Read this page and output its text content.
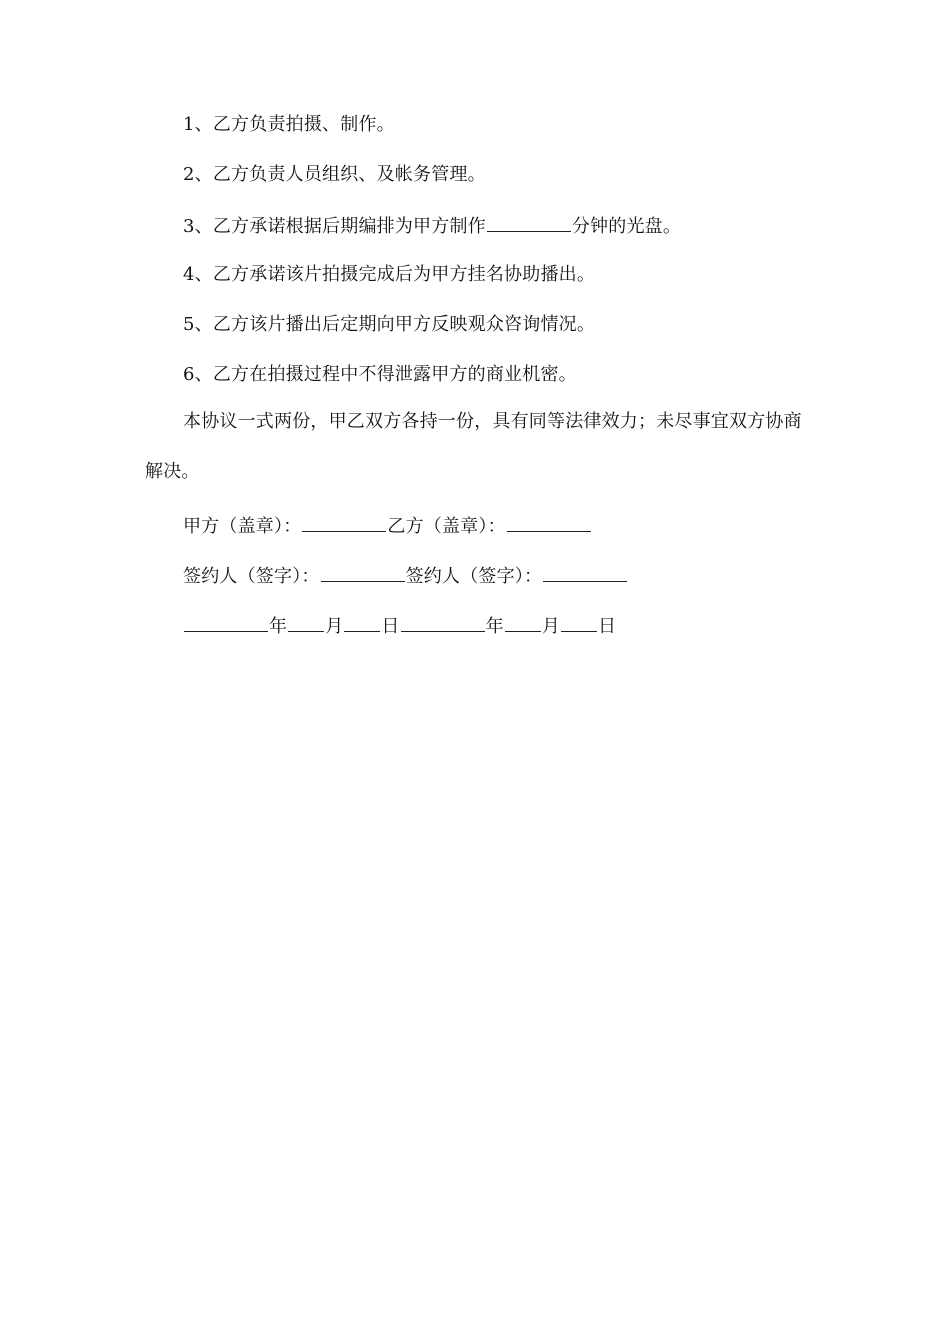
1、乙方负责拍摄、制作。
2、乙方负责人员组织、及帐务管理。
3、乙方承诺根据后期编排为甲方制作	分钟的光盘。
4、乙方承诺该片拍摄完成后为甲方挂名协助播出。
5、乙方该片播出后定期向甲方反映观众咨询情况。
6、乙方在拍摄过程中不得泄露甲方的商业机密。
本协议一式两份，甲乙双方各持一份，具有同等法律效力；未尽事宜双方协商解决。
甲方（盖章）：	乙方（盖章）：
签约人（签字）：	签约人（签字）：
年 月 日	年 月 日
